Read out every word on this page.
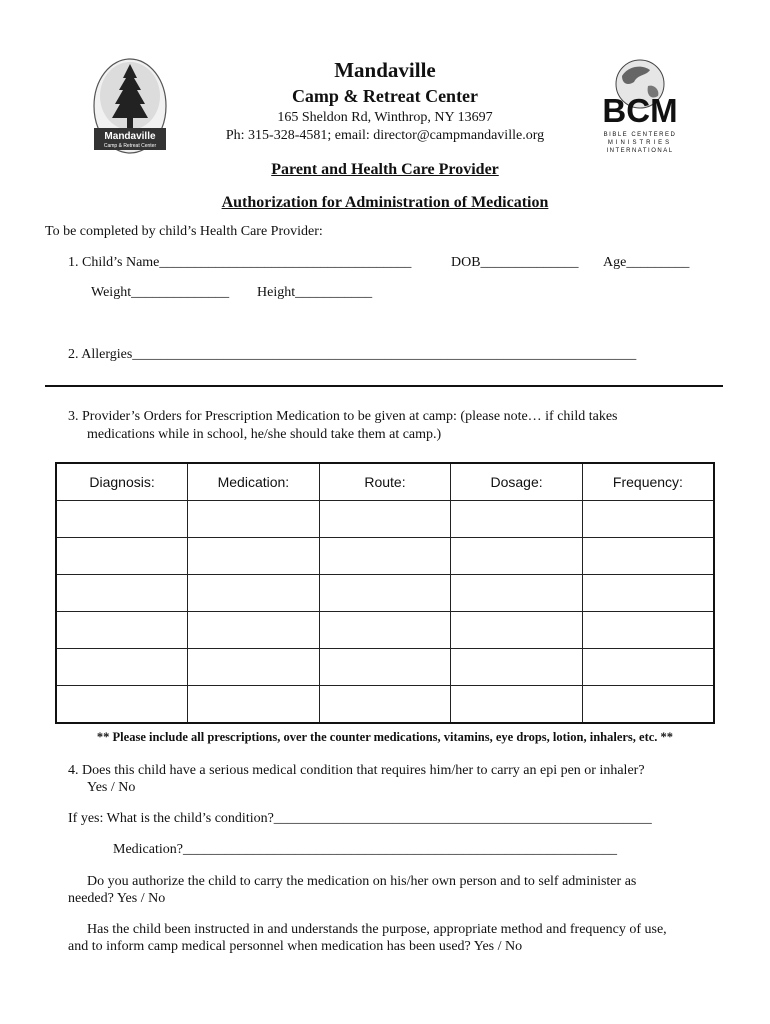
Mandaville
Camp & Retreat Center
BCM
BIBLE CENTERED
MINISTRIES
INTERNATIONAL
Mandaville
Camp & Retreat Center
165 Sheldon Rd, Winthrop, NY 13697
Ph: 315-328-4581; email: director@campmandaville.org
Parent and Health Care Provider
Authorization for Administration of Medication
To be completed by child’s Health Care Provider:
1. Child’s Name____________________________________	DOB______________ Age_________
Weight______________ Height___________
2. Allergies________________________________________________________________________
3. Provider’s Orders for Prescription Medication to be given at camp: (please note… if child takes
medications while in school, he/she should take them at camp.)
Diagnosis:	Medication:	Route:	Dosage:	Frequency:

** Please include all prescriptions, over the counter medications, vitamins, eye drops, lotion, inhalers, etc. **
4. Does this child have a serious medical condition that requires him/her to carry an epi pen or inhaler?
Yes / No
If yes: What is the child’s condition?______________________________________________________
Medication?______________________________________________________________
Do you authorize the child to carry the medication on his/her own person and to self administer as
needed? Yes / No
Has the child been instructed in and understands the purpose, appropriate method and frequency of use,
and to inform camp medical personnel when medication has been used? Yes / No
